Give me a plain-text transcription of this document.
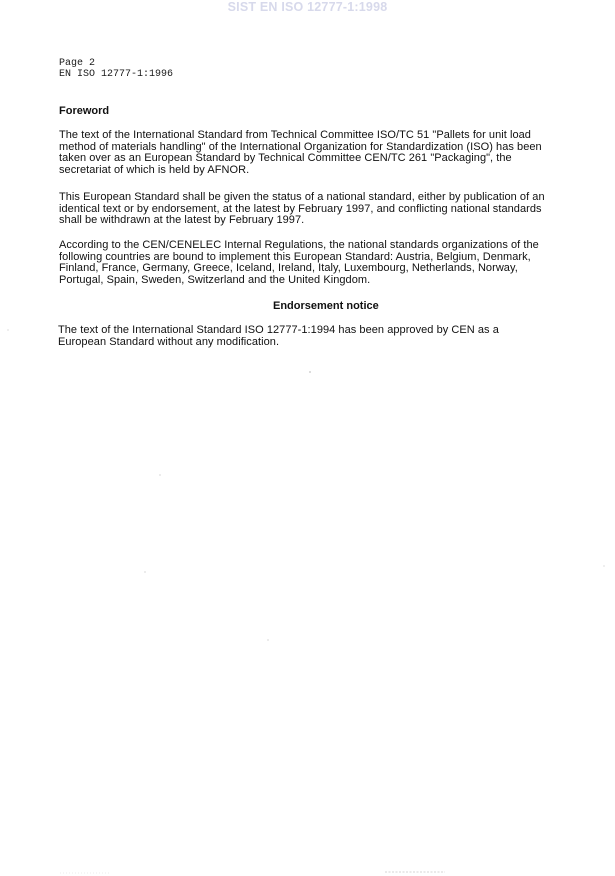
SIST EN ISO 12777-1:1998
Page 2
EN ISO 12777-1:1996
Foreword
The text of the International Standard from Technical Committee ISO/TC 51 "Pallets for unit load
method of materials handling" of the International Organization for Standardization (ISO) has been
taken over as an European Standard by Technical Committee CEN/TC 261 "Packaging", the
secretariat of which is held by AFNOR.
This European Standard shall be given the status of a national standard, either by publication of an
identical text or by endorsement, at the latest by February 1997, and conflicting national standards
shall be withdrawn at the latest by February 1997.
According to the CEN/CENELEC Internal Regulations, the national standards organizations of the
following countries are bound to implement this European Standard: Austria, Belgium, Denmark,
Finland, France, Germany, Greece, Iceland, Ireland, Italy, Luxembourg, Netherlands, Norway,
Portugal, Spain, Sweden, Switzerland and the United Kingdom.
Endorsement notice
The text of the International Standard ISO 12777-1:1994 has been approved by CEN as a
European Standard without any modification.
